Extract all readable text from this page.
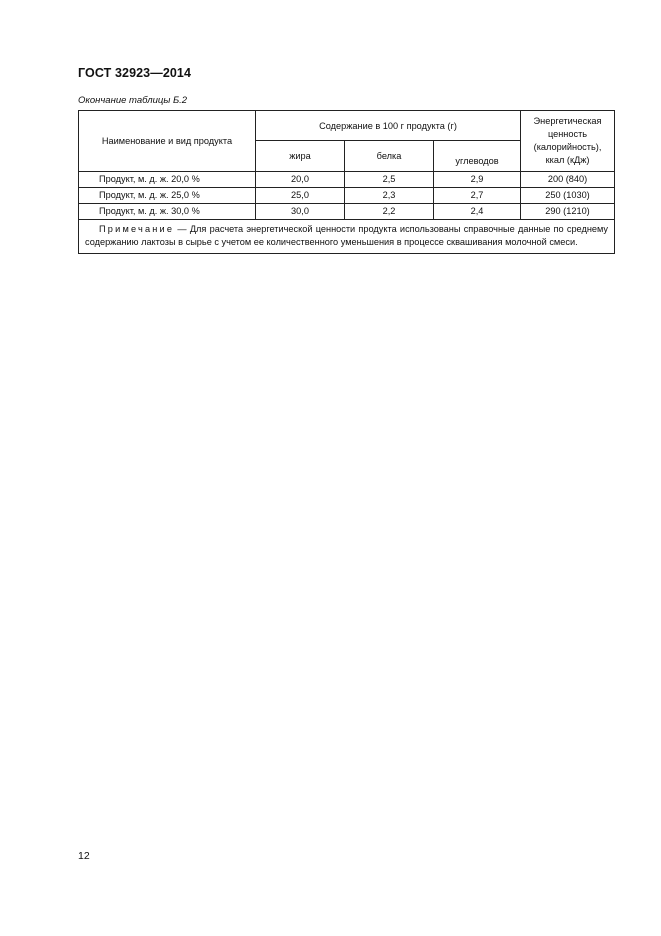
ГОСТ 32923—2014
Окончание таблицы Б.2
Наименование и вид продукта	Содержание в 100 г продукта (г)			Энергетическая ценность (калорийность), ккал (кДж)
	жира	белка	углеводов	
Продукт, м. д. ж. 20,0 %	20,0	2,5	2,9	200 (840)
Продукт, м. д. ж. 25,0 %	25,0	2,3	2,7	250 (1030)
Продукт, м. д. ж. 30,0 %	30,0	2,2	2,4	290 (1210)
Примечание — Для расчета энергетической ценности продукта использованы справочные данные по среднему содержанию лактозы в сырье с учетом ее количественного уменьшения в процессе сквашивания молочной смеси.				
12
